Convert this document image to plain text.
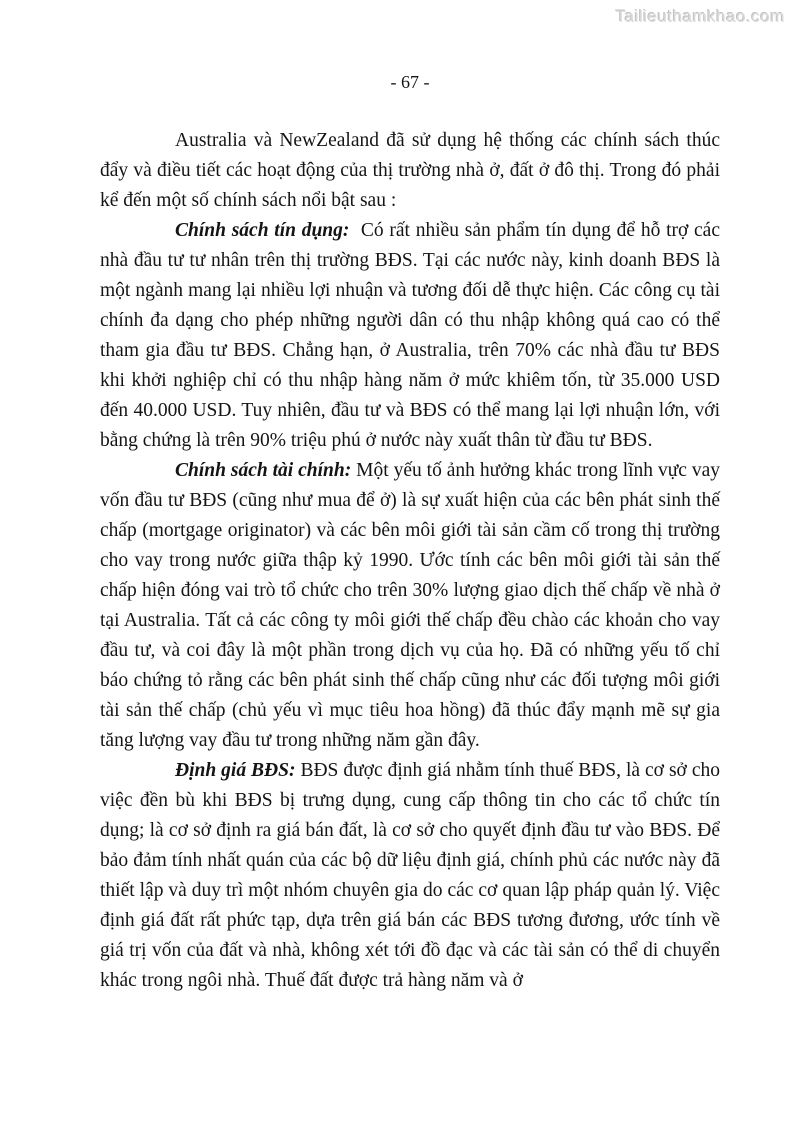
Tailieuthamkhao.com
- 67 -

Australia và NewZealand đã sử dụng hệ thống các chính sách thúc đẩy và điều tiết các hoạt động của thị trường nhà ở, đất ở đô thị. Trong đó phải kể đến một số chính sách nổi bật sau :

Chính sách tín dụng:  Có rất nhiều sản phẩm tín dụng để hỗ trợ các nhà đầu tư tư nhân trên thị trường BĐS. Tại các nước này, kinh doanh BĐS là một ngành mang lại nhiều lợi nhuận và tương đối dễ thực hiện. Các công cụ tài chính đa dạng cho phép những người dân có thu nhập không quá cao có thể tham gia đầu tư BĐS. Chẳng hạn, ở Australia, trên 70% các nhà đầu tư BĐS khi khởi nghiệp chỉ có thu nhập hàng năm ở mức khiêm tốn, từ 35.000 USD đến 40.000 USD. Tuy nhiên, đầu tư và BĐS có thể mang lại lợi nhuận lớn, với bằng chứng là trên 90% triệu phú ở nước này xuất thân từ đầu tư BĐS.

Chính sách tài chính: Một yếu tố ảnh hưởng khác trong lĩnh vực vay vốn đầu tư BĐS (cũng như mua để ở) là sự xuất hiện của các bên phát sinh thế chấp (mortgage originator) và các bên môi giới tài sản cầm cố trong thị trường cho vay trong nước giữa thập kỷ 1990. Ước tính các bên môi giới tài sản thế chấp hiện đóng vai trò tổ chức cho trên 30% lượng giao dịch thế chấp về nhà ở tại Australia. Tất cả các công ty môi giới thế chấp đều chào các khoản cho vay đầu tư, và coi đây là một phần trong dịch vụ của họ. Đã có những yếu tố chỉ báo chứng tỏ rằng các bên phát sinh thế chấp cũng như các đối tượng môi giới tài sản thế chấp (chủ yếu vì mục tiêu hoa hồng) đã thúc đẩy mạnh mẽ sự gia tăng lượng vay đầu tư trong những năm gần đây.

Định giá BĐS: BĐS được định giá nhằm tính thuế BĐS, là cơ sở cho việc đền bù khi BĐS bị trưng dụng, cung cấp thông tin cho các tổ chức tín dụng; là cơ sở định ra giá bán đất, là cơ sở cho quyết định đầu tư vào BĐS. Để bảo đảm tính nhất quán của các bộ dữ liệu định giá, chính phủ các nước này đã thiết lập và duy trì một nhóm chuyên gia do các cơ quan lập pháp quản lý. Việc định giá đất rất phức tạp, dựa trên giá bán các BĐS tương đương, ước tính về giá trị vốn của đất và nhà, không xét tới đồ đạc và các tài sản có thể di chuyển khác trong ngôi nhà. Thuế đất được trả hàng năm và ở
